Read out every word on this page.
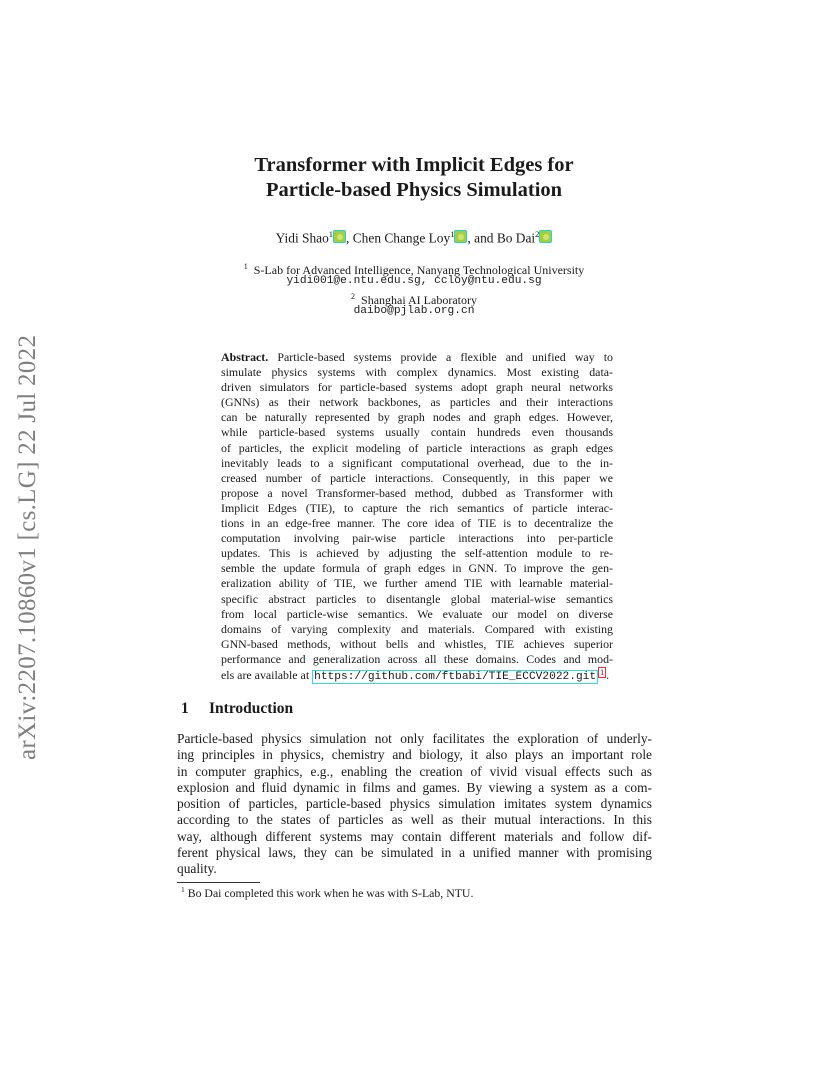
arXiv:2207.10860v1 [cs.LG] 22 Jul 2022
Transformer with Implicit Edges for
Particle-based Physics Simulation
Yidi Shao$^1$ , Chen Change Loy$^1$ , and Bo Dai$^2$
$^1$ S-Lab for Advanced Intelligence, Nanyang Technological University
yidi001@e.ntu.edu.sg, ccloy@ntu.edu.sg
$^2$ Shanghai AI Laboratory
daibo@pjlab.org.cn
Abstract. Particle-based systems provide a flexible and unified way to
simulate physics systems with complex dynamics. Most existing data-
driven simulators for particle-based systems adopt graph neural networks
(GNNs) as their network backbones, as particles and their interactions
can be naturally represented by graph nodes and graph edges. However,
while particle-based systems usually contain hundreds even thousands
of particles, the explicit modeling of particle interactions as graph edges
inevitably leads to a significant computational overhead, due to the in-
creased number of particle interactions. Consequently, in this paper we
propose a novel Transformer-based method, dubbed as Transformer with
Implicit Edges (TIE), to capture the rich semantics of particle interac-
tions in an edge-free manner. The core idea of TIE is to decentralize the
computation involving pair-wise particle interactions into per-particle
updates. This is achieved by adjusting the self-attention module to re-
semble the update formula of graph edges in GNN. To improve the gen-
eralization ability of TIE, we further amend TIE with learnable material-
specific abstract particles to disentangle global material-wise semantics
from local particle-wise semantics. We evaluate our model on diverse
domains of varying complexity and materials. Compared with existing
GNN-based methods, without bells and whistles, TIE achieves superior
performance and generalization across all these domains. Codes and mod-
els are available at https://github.com/ftbabi/TIE_ECCV2022.git 1 .
1 Introduction
Particle-based physics simulation not only facilitates the exploration of underly-
ing principles in physics, chemistry and biology, it also plays an important role
in computer graphics, e.g., enabling the creation of vivid visual effects such as
explosion and fluid dynamic in films and games. By viewing a system as a com-
position of particles, particle-based physics simulation imitates system dynamics
according to the states of particles as well as their mutual interactions. In this
way, although different systems may contain different materials and follow dif-
ferent physical laws, they can be simulated in a unified manner with promising
quality.
$^1$ Bo Dai completed this work when he was with S-Lab, NTU.
